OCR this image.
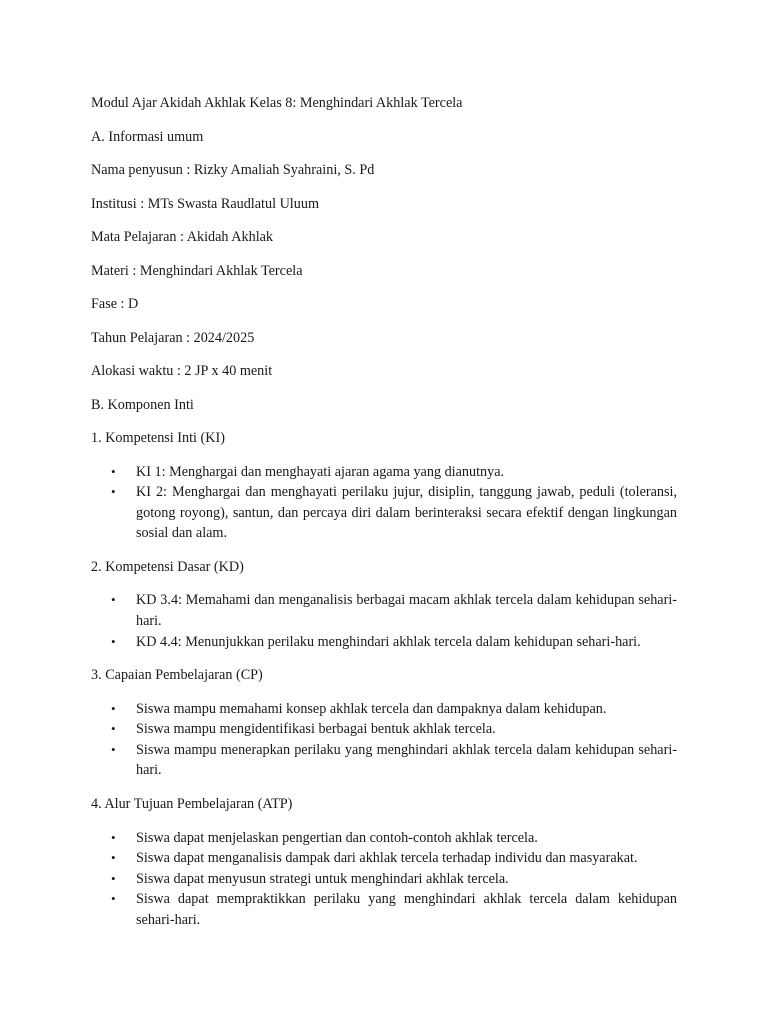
Modul Ajar Akidah Akhlak Kelas 8: Menghindari Akhlak Tercela

A. Informasi umum

Nama penyusun : Rizky Amaliah Syahraini, S. Pd

Institusi : MTs Swasta Raudlatul Uluum

Mata Pelajaran : Akidah Akhlak

Materi : Menghindari Akhlak Tercela

Fase : D

Tahun Pelajaran : 2024/2025

Alokasi waktu : 2 JP x 40 menit

B. Komponen Inti

1. Kompetensi Inti (KI)

• KI 1: Menghargai dan menghayati ajaran agama yang dianutnya.
• KI 2: Menghargai dan menghayati perilaku jujur, disiplin, tanggung jawab, peduli (toleransi, gotong royong), santun, dan percaya diri dalam berinteraksi secara efektif dengan lingkungan sosial dan alam.

2. Kompetensi Dasar (KD)

• KD 3.4: Memahami dan menganalisis berbagai macam akhlak tercela dalam kehidupan sehari-hari.
• KD 4.4: Menunjukkan perilaku menghindari akhlak tercela dalam kehidupan sehari-hari.

3. Capaian Pembelajaran (CP)

• Siswa mampu memahami konsep akhlak tercela dan dampaknya dalam kehidupan.
• Siswa mampu mengidentifikasi berbagai bentuk akhlak tercela.
• Siswa mampu menerapkan perilaku yang menghindari akhlak tercela dalam kehidupan sehari-hari.

4. Alur Tujuan Pembelajaran (ATP)

• Siswa dapat menjelaskan pengertian dan contoh-contoh akhlak tercela.
• Siswa dapat menganalisis dampak dari akhlak tercela terhadap individu dan masyarakat.
• Siswa dapat menyusun strategi untuk menghindari akhlak tercela.
• Siswa dapat mempraktikkan perilaku yang menghindari akhlak tercela dalam kehidupan sehari-hari.
